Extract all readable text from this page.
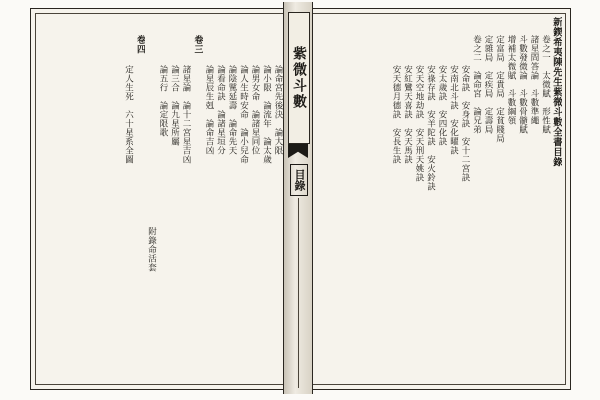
新鍥希夷陳先生紫微斗數全書目錄
卷之一　太微賦　形性賦
諸星問答論　斗數準繩
斗數發微論　斗數骨髓賦
增補太微賦　斗數綱領
定富局　定貴局　定貧賤局
定雜局　定疾局　定壽局
卷之二　論命宮　論兄弟
安命訣　安身訣　安十二宮訣
安南北斗訣　安化曜訣
安太歲訣　安四化訣
安祿存訣　安羊陀訣　安火鈴訣
安天空地劫訣　安天刑天姚訣
安紅鸞天喜訣　安天馬訣
安天德月德訣　安長生訣
論命宮先後決　論大限
論小限　論流年　論太歲
論男女命　論諸星同位
論人生時安命　論小兒命
論陰騭延壽　論命先天
論看命訣　論諸星垣分
論星辰生剋　論命吉凶
卷三
諸星論　論十二宮星吉凶
論三合　論九星所屬
論五行　論定限歌
附錄命活套
卷四
定人生死　六十星系全圖	紫微斗數
目錄
